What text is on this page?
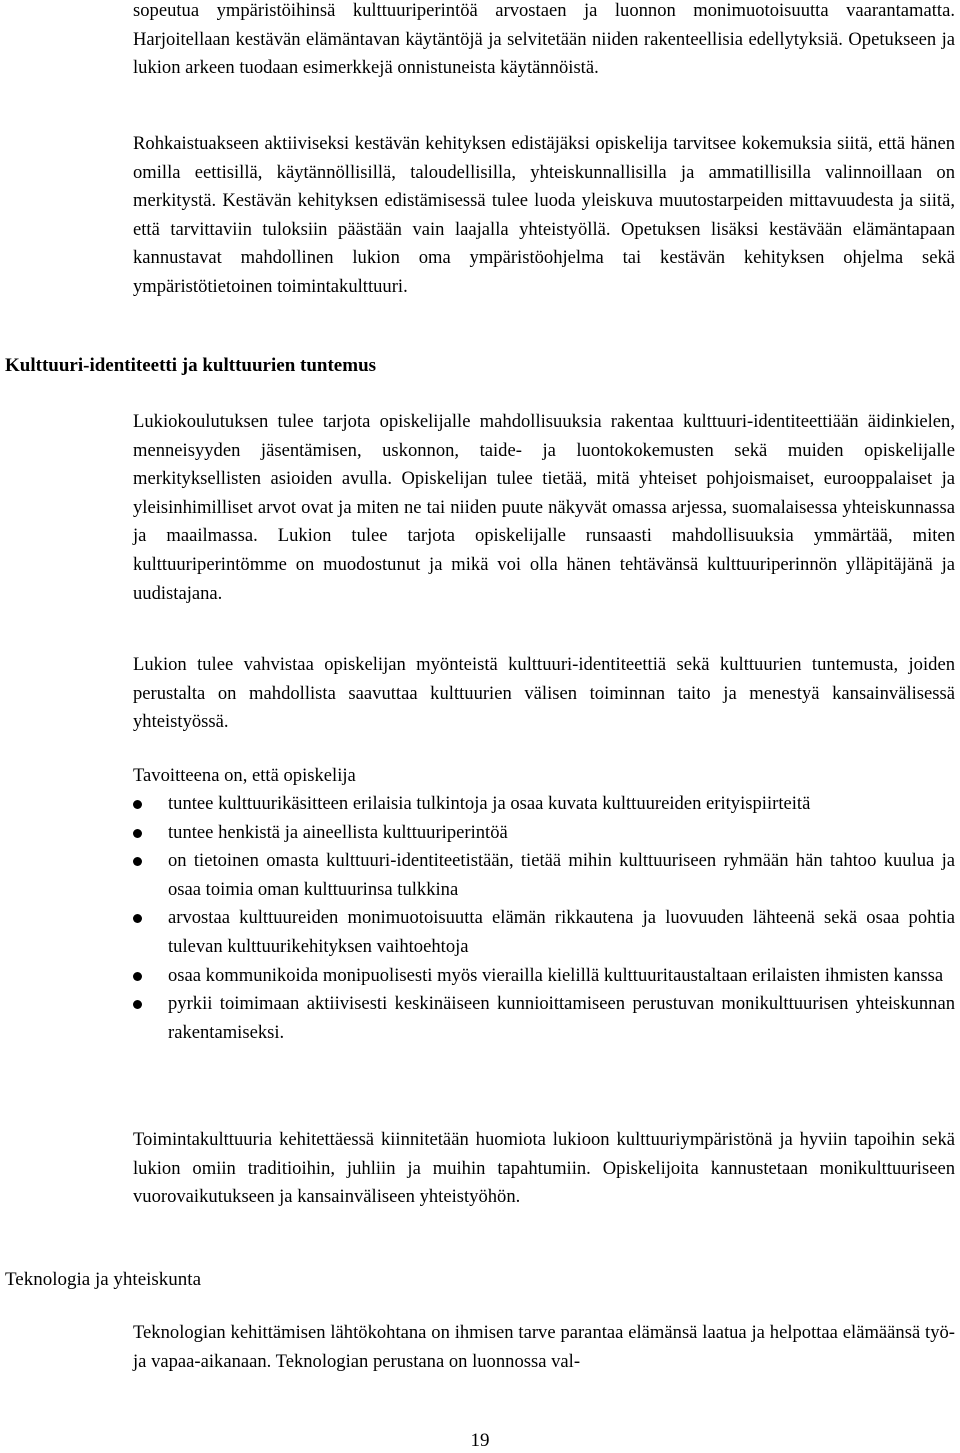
sopeutua ympäristöihinsä kulttuuriperintöä arvostaen ja luonnon monimuotoisuutta vaarantamatta. Harjoitellaan kestävän elämäntavan käytäntöjä ja selvitetään niiden rakenteellisia edellytyksiä. Opetukseen ja lukion arkeen tuodaan esimerkkejä onnistuneista käytännöistä.

Rohkaistuakseen aktiiviseksi kestävän kehityksen edistäjäksi opiskelija tarvitsee kokemuksia siitä, että hänen omilla eettisillä, käytännöllisillä, taloudellisilla, yhteiskunnallisilla ja ammatillisilla valinnoillaan on merkitystä. Kestävän kehityksen edistämisessä tulee luoda yleiskuva muutostarpeiden mittavuudesta ja siitä, että tarvittaviin tuloksiin päästään vain laajalla yhteistyöllä. Opetuksen lisäksi kestävään elämäntapaan kannustavat mahdollinen lukion oma ympäristöohjelma tai kestävän kehityksen ohjelma sekä ympäristötietoinen toimintakulttuuri.

Kulttuuri-identiteetti ja kulttuurien tuntemus

Lukiokoulutuksen tulee tarjota opiskelijalle mahdollisuuksia rakentaa kulttuuri-identiteettiään äidinkielen, menneisyyden jäsentämisen, uskonnon, taide- ja luontokokemusten sekä muiden opiskelijalle merkityksellisten asioiden avulla. Opiskelijan tulee tietää, mitä yhteiset pohjoismaiset, eurooppalaiset ja yleisinhimilliset arvot ovat ja miten ne tai niiden puute näkyvät omassa arjessa, suomalaisessa yhteiskunnassa ja maailmassa. Lukion tulee tarjota opiskelijalle runsaasti mahdollisuuksia ymmärtää, miten kulttuuriperintömme on muodostunut ja mikä voi olla hänen tehtävänsä kulttuuriperinnön ylläpitäjänä ja uudistajana.

Lukion tulee vahvistaa opiskelijan myönteistä kulttuuri-identiteettiä sekä kulttuurien tuntemusta, joiden perustalta on mahdollista saavuttaa kulttuurien välisen toiminnan taito ja menestyä kansainvälisessä yhteistyössä.

Tavoitteena on, että opiskelija

tuntee kulttuurikäsitteen erilaisia tulkintoja ja osaa kuvata kulttuureiden erityispiirteitä
tuntee henkistä ja aineellista kulttuuriperintöä
on tietoinen omasta kulttuuri-identiteetistään, tietää mihin kulttuuriseen ryhmään hän tahtoo kuulua ja osaa toimia oman kulttuurinsa tulkkina
arvostaa kulttuureiden monimuotoisuutta elämän rikkautena ja luovuuden lähteenä sekä osaa pohtia tulevan kulttuurikehityksen vaihtoehtoja
osaa kommunikoida monipuolisesti myös vierailla kielillä kulttuuritaustaltaan erilaisten ihmisten kanssa
pyrkii toimimaan aktiivisesti keskinäiseen kunnioittamiseen perustuvan monikulttuurisen yhteiskunnan rakentamiseksi.

Toimintakulttuuria kehitettäessä kiinnitetään huomiota lukioon kulttuuriympäristönä ja hyviin tapoihin sekä lukion omiin traditioihin, juhliin ja muihin tapahtumiin. Opiskelijoita kannustetaan monikulttuuriseen vuorovaikutukseen ja kansainväliseen yhteistyöhön.

Teknologia ja yhteiskunta

Teknologian kehittämisen lähtökohtana on ihmisen tarve parantaa elämänsä laatua ja helpottaa elämäänsä työ- ja vapaa-aikanaan. Teknologian perustana on luonnossa val-

19
